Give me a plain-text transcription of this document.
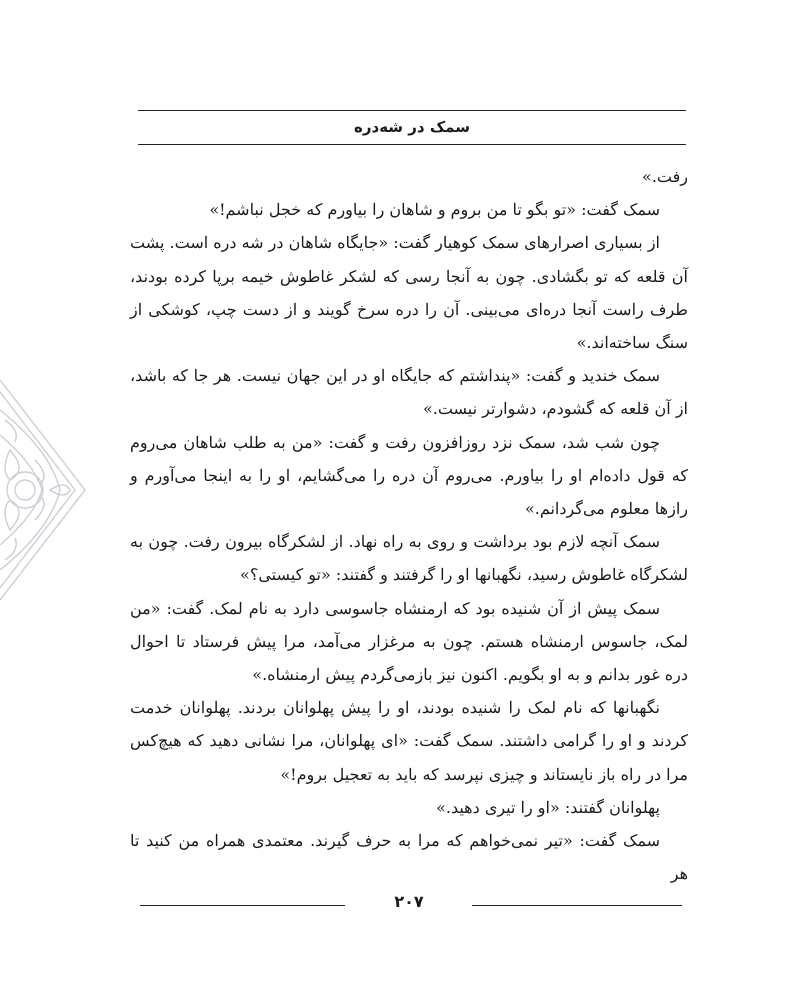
سمک در شه‌دره

رفت.»

سمک گفت: «تو بگو تا من بروم و شاهان را بیاورم که خجل نباشم!»

از بسیاری اصرارهای سمک کوهیار گفت: «جایگاه شاهان در شه دره است. پشت آن قلعه که تو بگشادی. چون به آنجا رسی که لشکر غاطوش خیمه برپا کرده بودند، طرف راست آنجا دره‌ای می‌بینی. آن را دره سرخ گویند و از دست چپ، کوشکی از سنگ ساخته‌اند.»

سمک خندید و گفت: «پنداشتم که جایگاه او در این جهان نیست. هر جا که باشد، از آن قلعه که گشودم، دشوارتر نیست.»

چون شب شد، سمک نزد روزافزون رفت و گفت: «من به طلب شاهان می‌روم که قول داده‌ام او را بیاورم. می‌روم آن دره را می‌گشایم، او را به اینجا می‌آورم و رازها معلوم می‌گردانم.»

سمک آنچه لازم بود برداشت و روی به راه نهاد. از لشکرگاه بیرون رفت. چون به لشکرگاه غاطوش رسید، نگهبانها او را گرفتند و گفتند: «تو کیستی؟»

سمک پیش از آن شنیده بود که ارمنشاه جاسوسی دارد به نام لمک. گفت: «من لمک، جاسوس ارمنشاه هستم. چون به مرغزار می‌آمد، مرا پیش فرستاد تا احوال دره غور بدانم و به او بگویم. اکنون نیز بازمی‌گردم پیش ارمنشاه.»

نگهبانها که نام لمک را شنیده بودند، او را پیش پهلوانان بردند. پهلوانان خدمت کردند و او را گرامی داشتند. سمک گفت: «ای پهلوانان، مرا نشانی دهید که هیچ‌کس مرا در راه باز نایستاند و چیزی نپرسد که باید به تعجیل بروم!»

پهلوانان گفتند: «او را تیری دهید.»

سمک گفت: «تیر نمی‌خواهم که مرا به حرف گیرند. معتمدی همراه من کنید تا هر

۲۰۷
